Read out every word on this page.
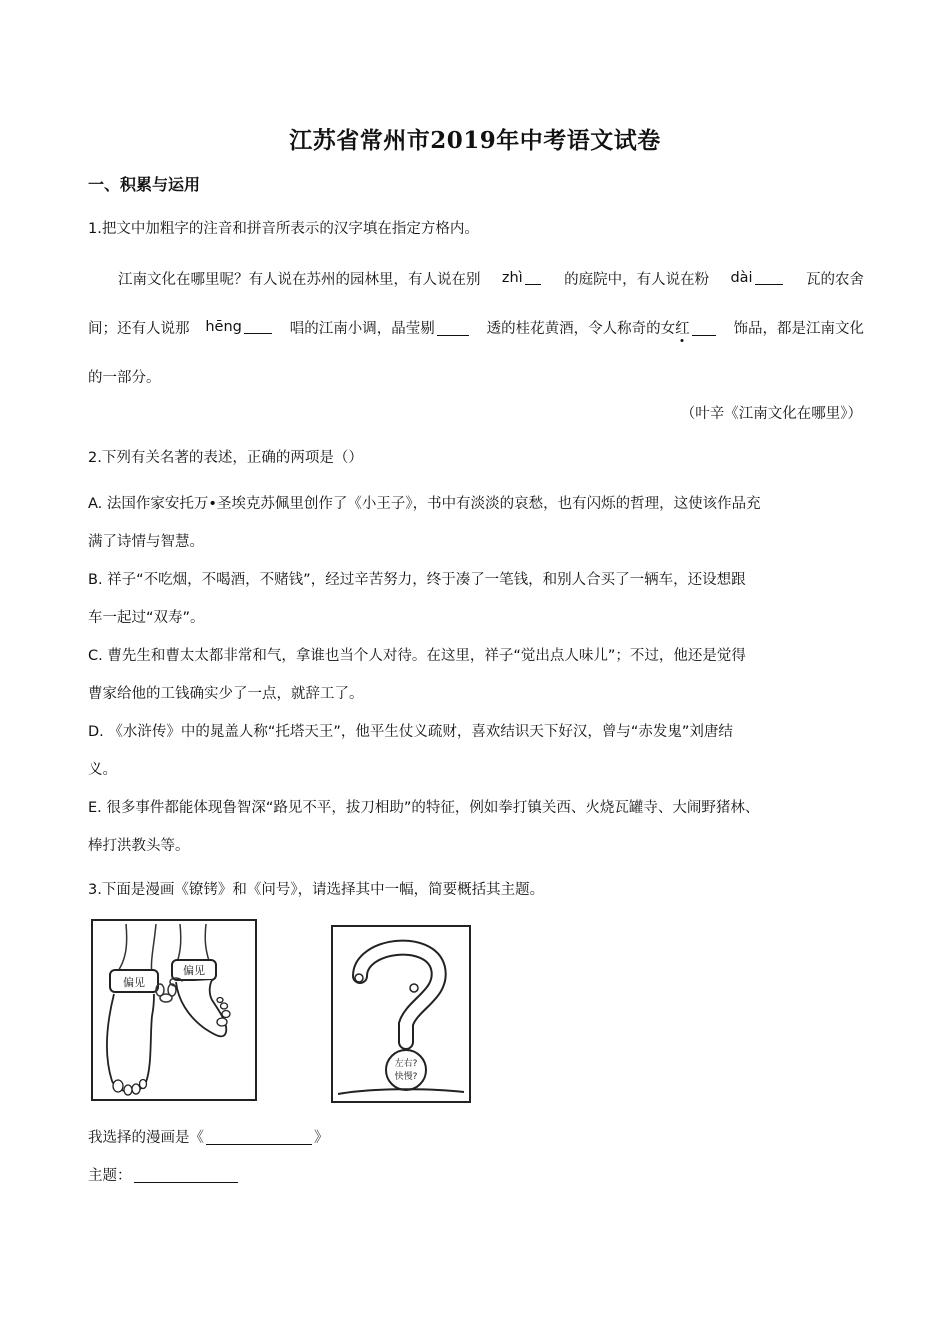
江苏省常州市2019年中考语文试卷
一、积累与运用
1.把文中加粗字的注音和拼音所表示的汉字填在指定方格内。
江南文化在哪里呢？有人说在苏州的园林里，有人说在别 zhì	的庭院中，有人说在粉 dài	瓦的农舍
间；还有人说那 hēng	唱的江南小调，晶莹剔	透的桂花黄酒，令人称奇的女红	饰品，都是江南文化
的一部分。
（叶辛《江南文化在哪里》）
2.下列有关名著的表述，正确的两项是（）
A. 法国作家安托万•圣埃克苏佩里创作了《小王子》，书中有淡淡的哀愁，也有闪烁的哲理，这使该作品充
满了诗情与智慧。
B. 祥子“不吃烟，不喝酒，不赌钱”，经过辛苦努力，终于凑了一笔钱，和别人合买了一辆车，还设想跟
车一起过“双寿”。
C. 曹先生和曹太太都非常和气，拿谁也当个人对待。在这里，祥子“觉出点人味儿”；不过，他还是觉得
曹家给他的工钱确实少了一点，就辞工了。
D. 《水浒传》中的晁盖人称“托塔天王”，他平生仗义疏财，喜欢结识天下好汉，曾与“赤发鬼”刘唐结
义。
E. 很多事件都能体现鲁智深“路见不平，拔刀相助”的特征，例如拳打镇关西、火烧瓦罐寺、大闹野猪林、
棒打洪教头等。
3.下面是漫画《镣铐》和《问号》，请选择其中一幅，简要概括其主题。
偏见
偏见
左右?
快慢?
我选择的漫画是《	》
主题：
